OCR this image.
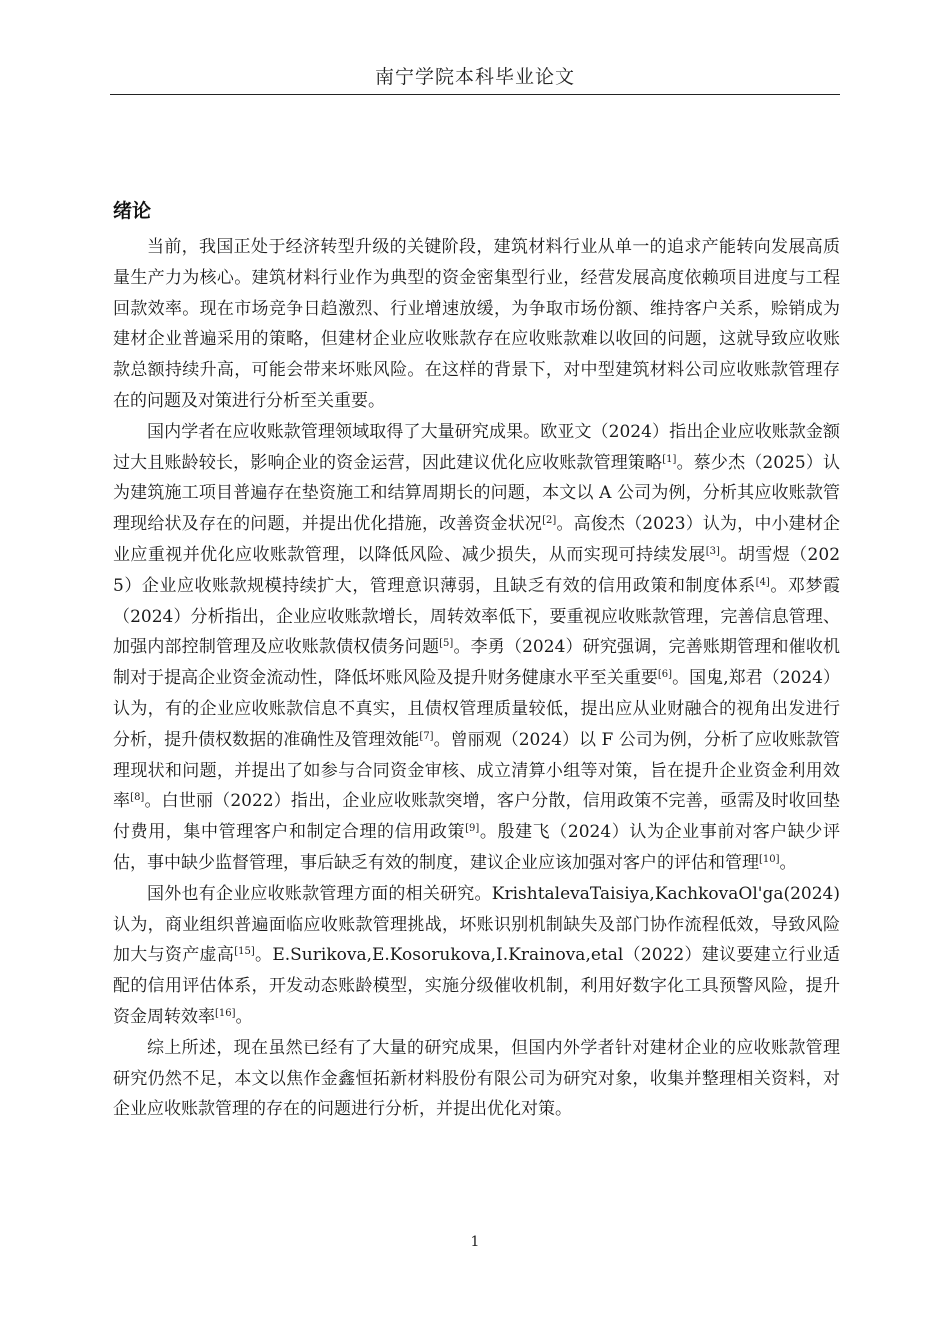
南宁学院本科毕业论文
绪论

当前，我国正处于经济转型升级的关键阶段，建筑材料行业从单一的追求产能转向发展高质量生产力为核心。建筑材料行业作为典型的资金密集型行业，经营发展高度依赖项目进度与工程回款效率。现在市场竞争日趋激烈、行业增速放缓，为争取市场份额、维持客户关系，赊销成为建材企业普遍采用的策略，但建材企业应收账款存在应收账款难以收回的问题，这就导致应收账款总额持续升高，可能会带来坏账风险。在这样的背景下，对中型建筑材料公司应收账款管理存在的问题及对策进行分析至关重要。

国内学者在应收账款管理领域取得了大量研究成果。欧亚文（2024）指出企业应收账款金额过大且账龄较长，影响企业的资金运营，因此建议优化应收账款管理策略[1]。蔡少杰（2025）认为建筑施工项目普遍存在垫资施工和结算周期长的问题，本文以 A 公司为例，分析其应收账款管理现给状及存在的问题，并提出优化措施，改善资金状况[2]。高俊杰（2023）认为，中小建材企业应重视并优化应收账款管理，以降低风险、减少损失，从而实现可持续发展[3]。胡雪煜（2025）企业应收账款规模持续扩大，管理意识薄弱，且缺乏有效的信用政策和制度体系[4]。邓梦霞（2024）分析指出，企业应收账款增长，周转效率低下，要重视应收账款管理，完善信息管理、加强内部控制管理及应收账款债权债务问题[5]。李勇（2024）研究强调，完善账期管理和催收机制对于提高企业资金流动性，降低坏账风险及提升财务健康水平至关重要[6]。国鬼,郑君（2024）认为，有的企业应收账款信息不真实，且债权管理质量较低，提出应从业财融合的视角出发进行分析，提升债权数据的准确性及管理效能[7]。曾丽观（2024）以 F 公司为例，分析了应收账款管理现状和问题，并提出了如参与合同资金审核、成立清算小组等对策，旨在提升企业资金利用效率[8]。白世丽（2022）指出，企业应收账款突增，客户分散，信用政策不完善，亟需及时收回垫付费用，集中管理客户和制定合理的信用政策[9]。殷建飞（2024）认为企业事前对客户缺少评估，事中缺少监督管理，事后缺乏有效的制度，建议企业应该加强对客户的评估和管理[10]。

国外也有企业应收账款管理方面的相关研究。KrishtalevaTaisiya,KachkovaOl'ga(2024)认为，商业组织普遍面临应收账款管理挑战，坏账识别机制缺失及部门协作流程低效，导致风险加大与资产虚高[15]。E.Surikova,E.Kosorukova,I.Krainova,etal（2022）建议要建立行业适配的信用评估体系，开发动态账龄模型，实施分级催收机制，利用好数字化工具预警风险，提升资金周转效率[16]。

综上所述，现在虽然已经有了大量的研究成果，但国内外学者针对建材企业的应收账款管理研究仍然不足，本文以焦作金鑫恒拓新材料股份有限公司为研究对象，收集并整理相关资料，对企业应收账款管理的存在的问题进行分析，并提出优化对策。

1
